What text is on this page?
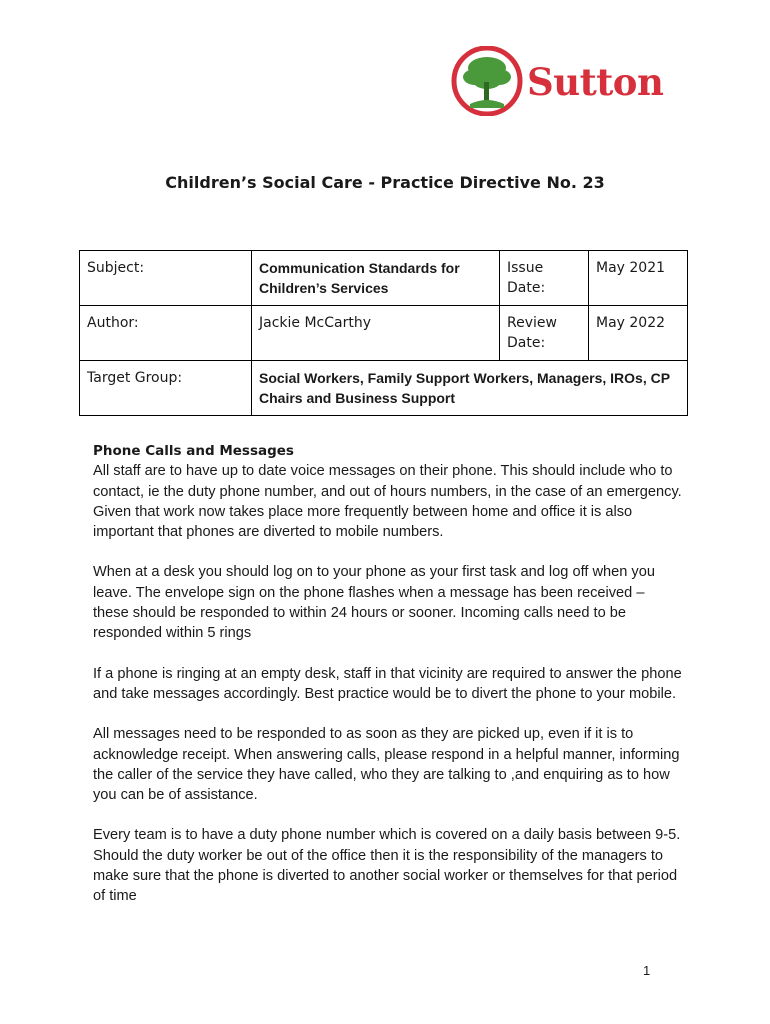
Sutton
Children’s Social Care - Practice Directive No. 23
Subject:	Communication Standards for Children’s Services	Issue Date:	May 2021
Author:	Jackie McCarthy	Review Date:	May 2022
Target Group:	Social Workers, Family Support Workers, Managers, IROs, CP Chairs and Business Support		
Phone Calls and Messages

All staff are to have up to date voice messages on their phone. This should include who to contact, ie the duty phone number, and out of hours numbers, in the case of an emergency. Given that work now takes place more frequently between home and office it is also important that phones are diverted to mobile numbers.

When at a desk you should log on to your phone as your first task and log off when you leave. The envelope sign on the phone flashes when a message has been received – these should be responded to within 24 hours or sooner. Incoming calls need to be responded within 5 rings

If a phone is ringing at an empty desk, staff in that vicinity are required to answer the phone and take messages accordingly. Best practice would be to divert the phone to your mobile.

All messages need to be responded to as soon as they are picked up, even if it is to acknowledge receipt. When answering calls, please respond in a helpful manner, informing the caller of the service they have called, who they are talking to ,and enquiring as to how you can be of assistance.

Every team is to have a duty phone number which is covered on a daily basis between 9-5. Should the duty worker be out of the office then it is the responsibility of the managers to make sure that the phone is diverted to another social worker or themselves for that period of time

1
